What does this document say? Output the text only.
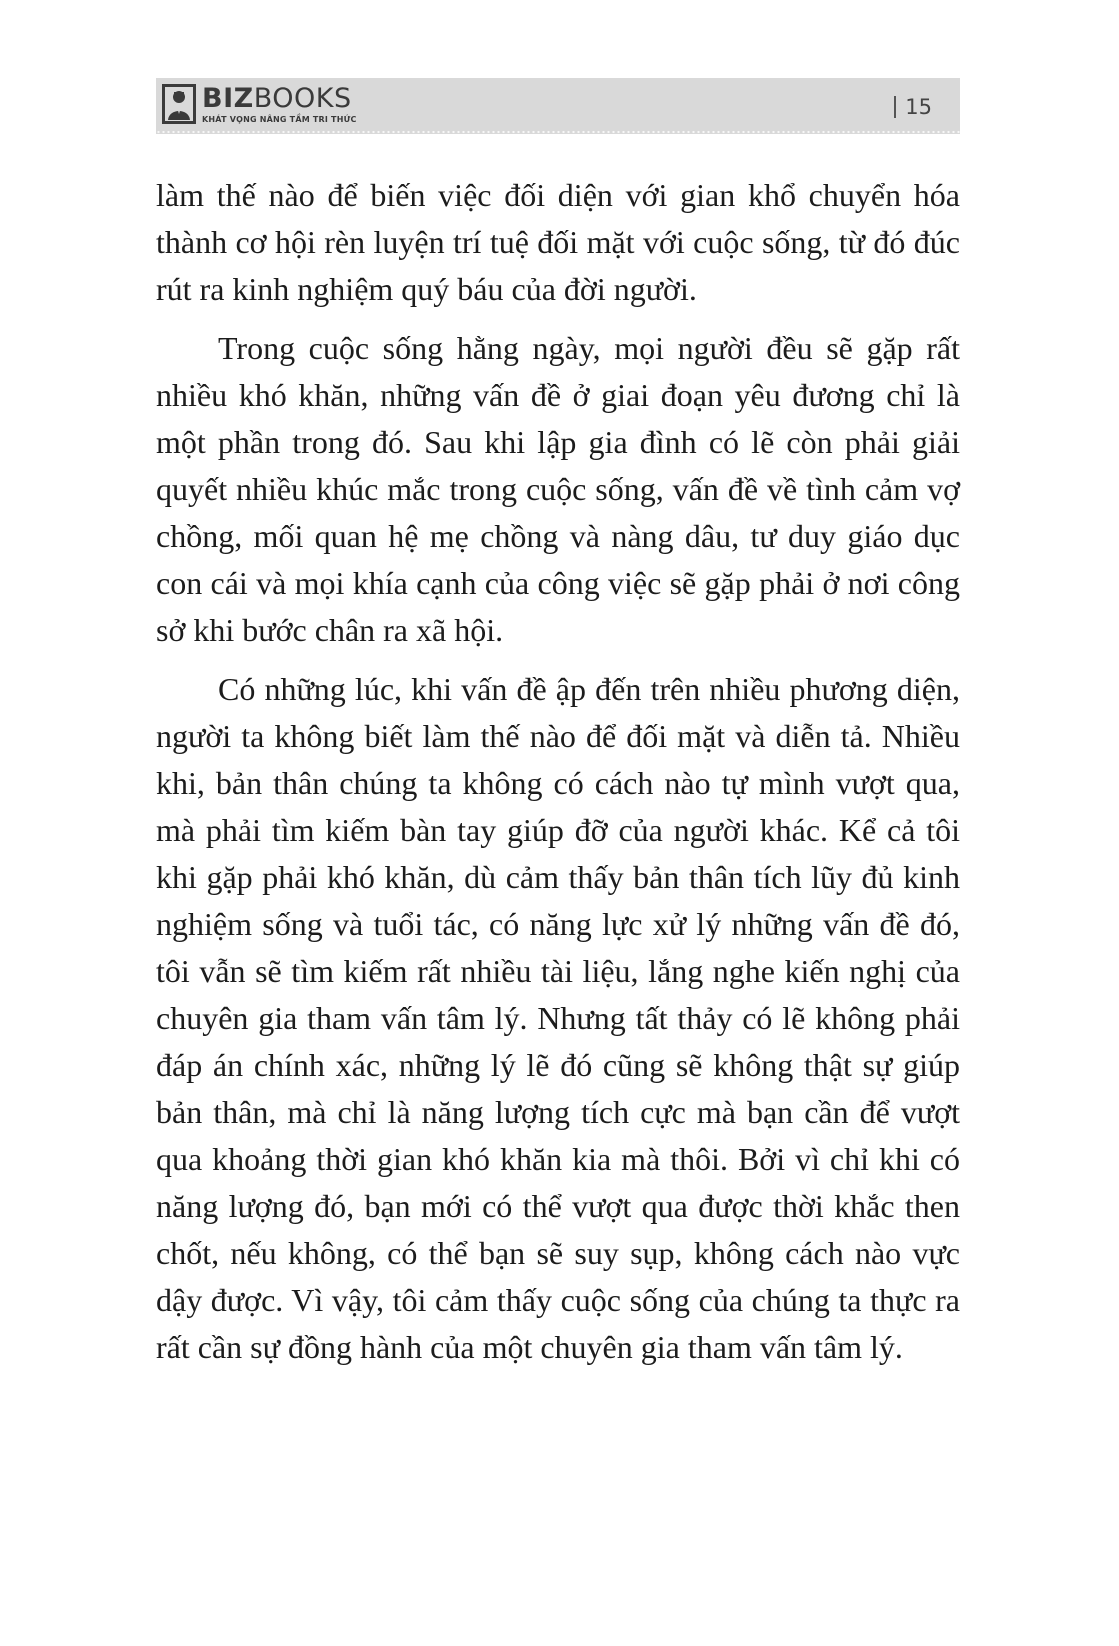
BIZ BOOKS
KHÁT VỌNG NÂNG TẦM TRI THỨC
15

làm thế nào để biến việc đối diện với gian khổ chuyển hóa thành cơ hội rèn luyện trí tuệ đối mặt với cuộc sống, từ đó đúc rút ra kinh nghiệm quý báu của đời người.

Trong cuộc sống hằng ngày, mọi người đều sẽ gặp rất nhiều khó khăn, những vấn đề ở giai đoạn yêu đương chỉ là một phần trong đó. Sau khi lập gia đình có lẽ còn phải giải quyết nhiều khúc mắc trong cuộc sống, vấn đề về tình cảm vợ chồng, mối quan hệ mẹ chồng và nàng dâu, tư duy giáo dục con cái và mọi khía cạnh của công việc sẽ gặp phải ở nơi công sở khi bước chân ra xã hội.

Có những lúc, khi vấn đề ập đến trên nhiều phương diện, người ta không biết làm thế nào để đối mặt và diễn tả. Nhiều khi, bản thân chúng ta không có cách nào tự mình vượt qua, mà phải tìm kiếm bàn tay giúp đỡ của người khác. Kể cả tôi khi gặp phải khó khăn, dù cảm thấy bản thân tích lũy đủ kinh nghiệm sống và tuổi tác, có năng lực xử lý những vấn đề đó, tôi vẫn sẽ tìm kiếm rất nhiều tài liệu, lắng nghe kiến nghị của chuyên gia tham vấn tâm lý. Nhưng tất thảy có lẽ không phải đáp án chính xác, những lý lẽ đó cũng sẽ không thật sự giúp bản thân, mà chỉ là năng lượng tích cực mà bạn cần để vượt qua khoảng thời gian khó khăn kia mà thôi. Bởi vì chỉ khi có năng lượng đó, bạn mới có thể vượt qua được thời khắc then chốt, nếu không, có thể bạn sẽ suy sụp, không cách nào vực dậy được. Vì vậy, tôi cảm thấy cuộc sống của chúng ta thực ra rất cần sự đồng hành của một chuyên gia tham vấn tâm lý.
